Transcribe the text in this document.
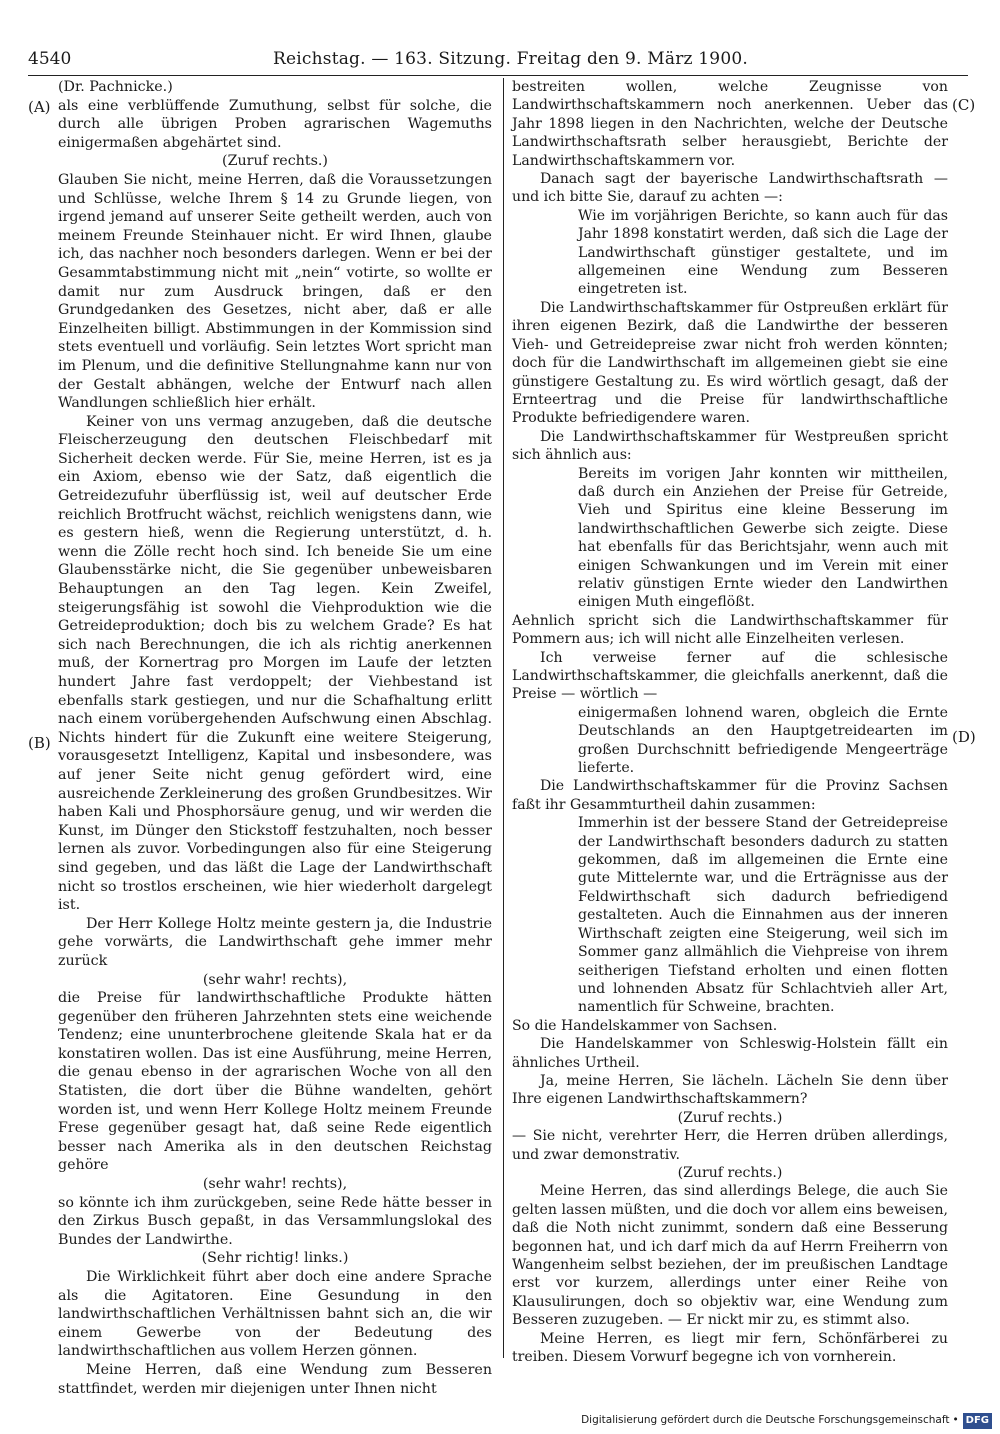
4540	Reichstag. — 163. Sitzung. Freitag den 9. März 1900.
(A)
(B)
(C)
(D)

(Dr. Pachnicke.)

als eine verblüffende Zumuthung, selbst für solche, die durch alle übrigen Proben agrarischen Wagemuths einigermaßen abgehärtet sind.

(Zuruf rechts.)

Glauben Sie nicht, meine Herren, daß die Voraussetzungen und Schlüsse, welche Ihrem § 14 zu Grunde liegen, von irgend jemand auf unserer Seite getheilt werden, auch von meinem Freunde Steinhauer nicht. Er wird Ihnen, glaube ich, das nachher noch besonders darlegen. Wenn er bei der Gesammtabstimmung nicht mit „nein“ votirte, so wollte er damit nur zum Ausdruck bringen, daß er den Grundgedanken des Gesetzes, nicht aber, daß er alle Einzelheiten billigt. Abstimmungen in der Kommission sind stets eventuell und vorläufig. Sein letztes Wort spricht man im Plenum, und die definitive Stellungnahme kann nur von der Gestalt abhängen, welche der Entwurf nach allen Wandlungen schließlich hier erhält.

Keiner von uns vermag anzugeben, daß die deutsche Fleischerzeugung den deutschen Fleischbedarf mit Sicherheit decken werde. Für Sie, meine Herren, ist es ja ein Axiom, ebenso wie der Satz, daß eigentlich die Getreidezufuhr überflüssig ist, weil auf deutscher Erde reichlich Brotfrucht wächst, reichlich wenigstens dann, wie es gestern hieß, wenn die Regierung unterstützt, d. h. wenn die Zölle recht hoch sind. Ich beneide Sie um eine Glaubensstärke nicht, die Sie gegenüber unbeweisbaren Behauptungen an den Tag legen. Kein Zweifel, steigerungsfähig ist sowohl die Viehproduktion wie die Getreideproduktion; doch bis zu welchem Grade? Es hat sich nach Berechnungen, die ich als richtig anerkennen muß, der Kornertrag pro Morgen im Laufe der letzten hundert Jahre fast verdoppelt; der Viehbestand ist ebenfalls stark gestiegen, und nur die Schafhaltung erlitt nach einem vorübergehenden Aufschwung einen Abschlag. Nichts hindert für die Zukunft eine weitere Steigerung, vorausgesetzt Intelligenz, Kapital und insbesondere, was auf jener Seite nicht genug gefördert wird, eine ausreichende Zerkleinerung des großen Grundbesitzes. Wir haben Kali und Phosphorsäure genug, und wir werden die Kunst, im Dünger den Stickstoff festzuhalten, noch besser lernen als zuvor. Vorbedingungen also für eine Steigerung sind gegeben, und das läßt die Lage der Landwirthschaft nicht so trostlos erscheinen, wie hier wiederholt dargelegt ist.

Der Herr Kollege Holtz meinte gestern ja, die Industrie gehe vorwärts, die Landwirthschaft gehe immer mehr zurück

(sehr wahr! rechts),

die Preise für landwirthschaftliche Produkte hätten gegenüber den früheren Jahrzehnten stets eine weichende Tendenz; eine ununterbrochene gleitende Skala hat er da konstatiren wollen. Das ist eine Ausführung, meine Herren, die genau ebenso in der agrarischen Woche von all den Statisten, die dort über die Bühne wandelten, gehört worden ist, und wenn Herr Kollege Holtz meinem Freunde Frese gegenüber gesagt hat, daß seine Rede eigentlich besser nach Amerika als in den deutschen Reichstag gehöre

(sehr wahr! rechts),

so könnte ich ihm zurückgeben, seine Rede hätte besser in den Zirkus Busch gepaßt, in das Versammlungslokal des Bundes der Landwirthe.

(Sehr richtig! links.)

Die Wirklichkeit führt aber doch eine andere Sprache als die Agitatoren. Eine Gesundung in den landwirthschaftlichen Verhältnissen bahnt sich an, die wir einem Gewerbe von der Bedeutung des landwirthschaftlichen aus vollem Herzen gönnen.

Meine Herren, daß eine Wendung zum Besseren stattfindet, werden mir diejenigen unter Ihnen nicht

bestreiten wollen, welche Zeugnisse von Landwirthschaftskammern noch anerkennen. Ueber das Jahr 1898 liegen in den Nachrichten, welche der Deutsche Landwirthschaftsrath selber herausgiebt, Berichte der Landwirthschaftskammern vor.

Danach sagt der bayerische Landwirthschaftsrath — und ich bitte Sie, darauf zu achten —:

Wie im vorjährigen Berichte, so kann auch für das Jahr 1898 konstatirt werden, daß sich die Lage der Landwirthschaft günstiger gestaltete, und im allgemeinen eine Wendung zum Besseren eingetreten ist.

Die Landwirthschaftskammer für Ostpreußen erklärt für ihren eigenen Bezirk, daß die Landwirthe der besseren Vieh- und Getreidepreise zwar nicht froh werden könnten; doch für die Landwirthschaft im allgemeinen giebt sie eine günstigere Gestaltung zu. Es wird wörtlich gesagt, daß der Ernteertrag und die Preise für landwirthschaftliche Produkte befriedigendere waren.

Die Landwirthschaftskammer für Westpreußen spricht sich ähnlich aus:

Bereits im vorigen Jahr konnten wir mittheilen, daß durch ein Anziehen der Preise für Getreide, Vieh und Spiritus eine kleine Besserung im landwirthschaftlichen Gewerbe sich zeigte. Diese hat ebenfalls für das Berichtsjahr, wenn auch mit einigen Schwankungen und im Verein mit einer relativ günstigen Ernte wieder den Landwirthen einigen Muth eingeflößt.

Aehnlich spricht sich die Landwirthschaftskammer für Pommern aus; ich will nicht alle Einzelheiten verlesen.

Ich verweise ferner auf die schlesische Landwirthschaftskammer, die gleichfalls anerkennt, daß die Preise — wörtlich —

einigermaßen lohnend waren, obgleich die Ernte Deutschlands an den Hauptgetreidearten im großen Durchschnitt befriedigende Mengeerträge lieferte.

Die Landwirthschaftskammer für die Provinz Sachsen faßt ihr Gesammturtheil dahin zusammen:

Immerhin ist der bessere Stand der Getreidepreise der Landwirthschaft besonders dadurch zu statten gekommen, daß im allgemeinen die Ernte eine gute Mittelernte war, und die Erträgnisse aus der Feldwirthschaft sich dadurch befriedigend gestalteten. Auch die Einnahmen aus der inneren Wirthschaft zeigten eine Steigerung, weil sich im Sommer ganz allmählich die Viehpreise von ihrem seitherigen Tiefstand erholten und einen flotten und lohnenden Absatz für Schlachtvieh aller Art, namentlich für Schweine, brachten.

So die Handelskammer von Sachsen.

Die Handelskammer von Schleswig-Holstein fällt ein ähnliches Urtheil.

Ja, meine Herren, Sie lächeln. Lächeln Sie denn über Ihre eigenen Landwirthschaftskammern?

(Zuruf rechts.)

— Sie nicht, verehrter Herr, die Herren drüben allerdings, und zwar demonstrativ.

(Zuruf rechts.)

Meine Herren, das sind allerdings Belege, die auch Sie gelten lassen müßten, und die doch vor allem eins beweisen, daß die Noth nicht zunimmt, sondern daß eine Besserung begonnen hat, und ich darf mich da auf Herrn Freiherrn von Wangenheim selbst beziehen, der im preußischen Landtage erst vor kurzem, allerdings unter einer Reihe von Klausulirungen, doch so objektiv war, eine Wendung zum Besseren zuzugeben. — Er nickt mir zu, es stimmt also.

Meine Herren, es liegt mir fern, Schönfärberei zu treiben. Diesem Vorwurf begegne ich von vornherein.

Digitalisierung gefördert durch die Deutsche Forschungsgemeinschaft • DFG
